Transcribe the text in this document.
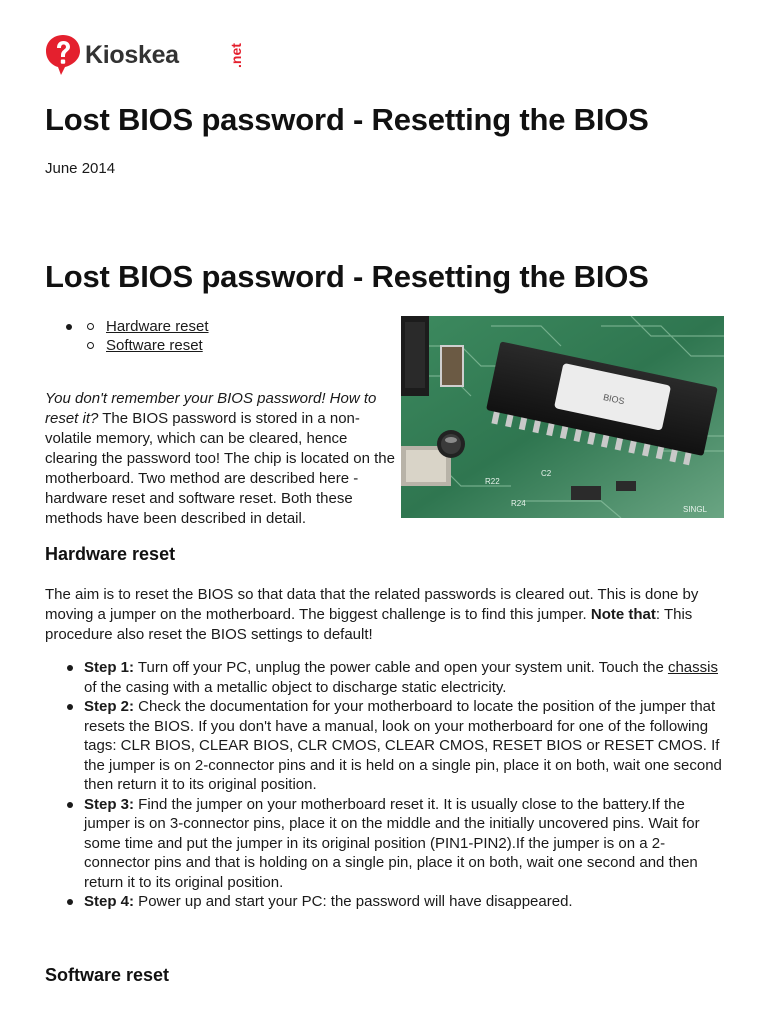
Kioskea	.net
Lost BIOS password - Resetting the BIOS
June 2014
Lost BIOS password - Resetting the BIOS
Hardware reset
Software reset
BIOS
R22
R24
C2
SINGL

You don't remember your BIOS password! How to reset it? The BIOS password is stored in a non-volatile memory, which can be cleared, hence clearing the password too! The chip is located on the motherboard. Two method are described here - hardware reset and software reset. Both these methods have been described in detail.

Hardware reset

The aim is to reset the BIOS so that data that the related passwords is cleared out. This is done by moving a jumper on the motherboard. The biggest challenge is to find this jumper. Note that: This procedure also reset the BIOS settings to default!

Step 1: Turn off your PC, unplug the power cable and open your system unit. Touch the chassis of the casing with a metallic object to discharge static electricity.
Step 2: Check the documentation for your motherboard to locate the position of the jumper that resets the BIOS. If you don't have a manual, look on your motherboard for one of the following tags: CLR BIOS, CLEAR BIOS, CLR CMOS, CLEAR CMOS, RESET BIOS or RESET CMOS. If the jumper is on 2-connector pins and it is held on a single pin, place it on both, wait one second then return it to its original position.
Step 3: Find the jumper on your motherboard reset it. It is usually close to the battery.If the jumper is on 3-connector pins, place it on the middle and the initially uncovered pins. Wait for some time and put the jumper in its original position (PIN1-PIN2).If the jumper is on a 2-connector pins and that is holding on a single pin, place it on both, wait one second and then return it to its original position.
Step 4: Power up and start your PC: the password will have disappeared.
Software reset
